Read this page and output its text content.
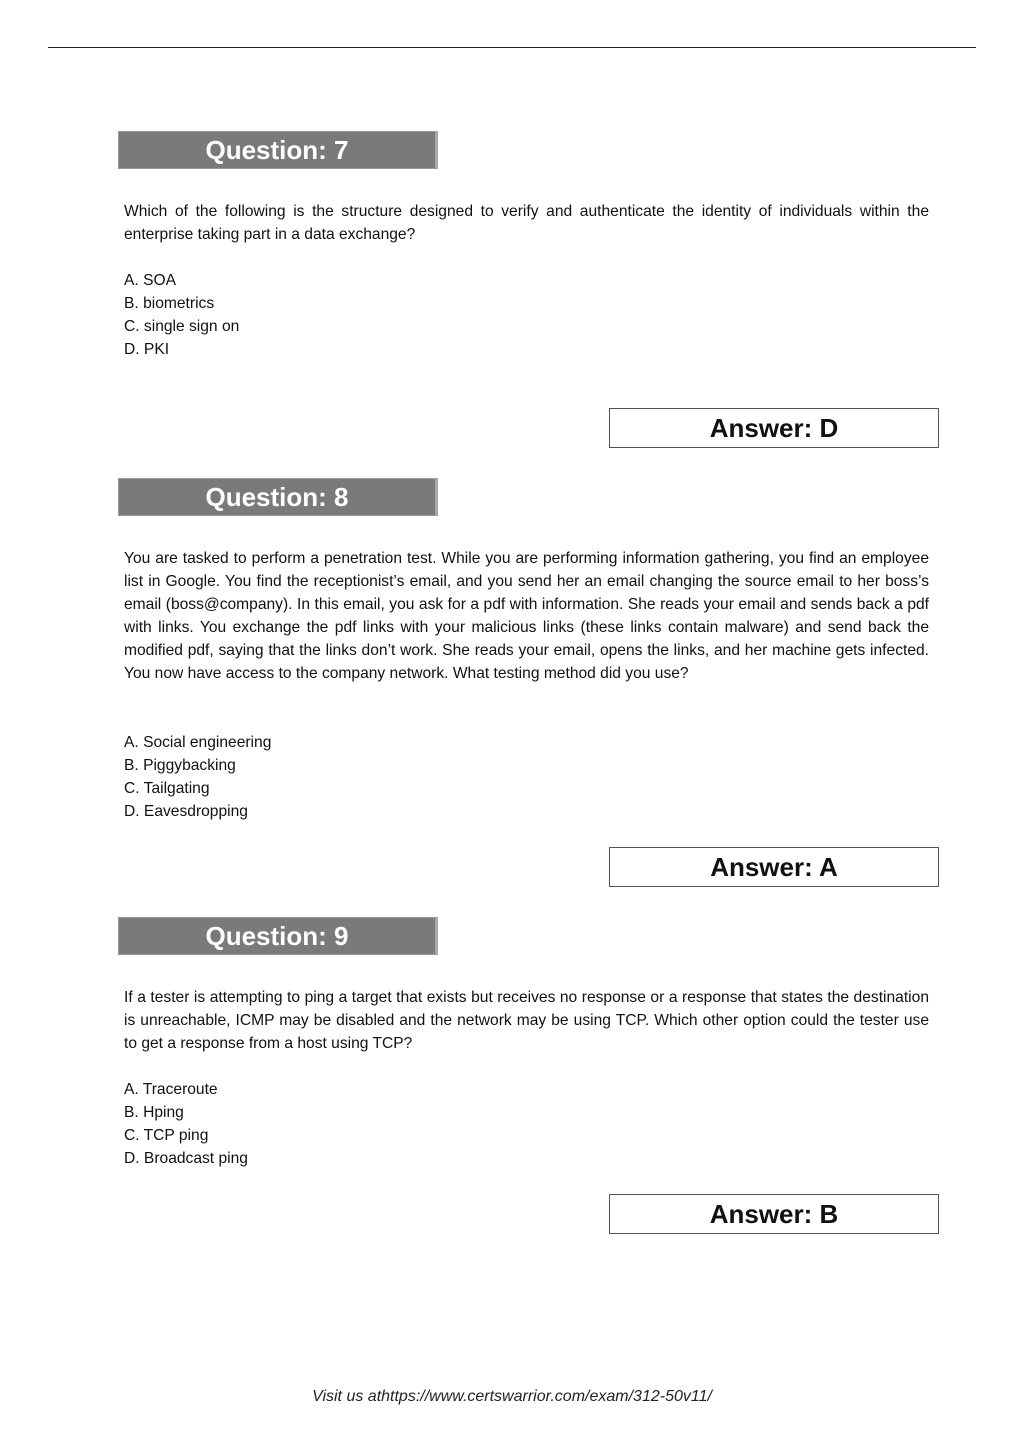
Question: 7

Which of the following is the structure designed to verify and authenticate the identity of individuals within the enterprise taking part in a data exchange?

A. SOA
B. biometrics
C. single sign on
D. PKI
Answer: D
Question: 8

You are tasked to perform a penetration test. While you are performing information gathering, you find an employee list in Google. You find the receptionist’s email, and you send her an email changing the source email to her boss’s email (boss@company). In this email, you ask for a pdf with information. She reads your email and sends back a pdf with links. You exchange the pdf links with your malicious links (these links contain malware) and send back the modified pdf, saying that the links don’t work. She reads your email, opens the links, and her machine gets infected. You now have access to the company network. What testing method did you use?

A. Social engineering
B. Piggybacking
C. Tailgating
D. Eavesdropping
Answer: A
Question: 9

If a tester is attempting to ping a target that exists but receives no response or a response that states the destination is unreachable, ICMP may be disabled and the network may be using TCP. Which other option could the tester use to get a response from a host using TCP?

A. Traceroute
B. Hping
C. TCP ping
D. Broadcast ping
Answer: B
Visit us athttps://www.certswarrior.com/exam/312-50v11/
